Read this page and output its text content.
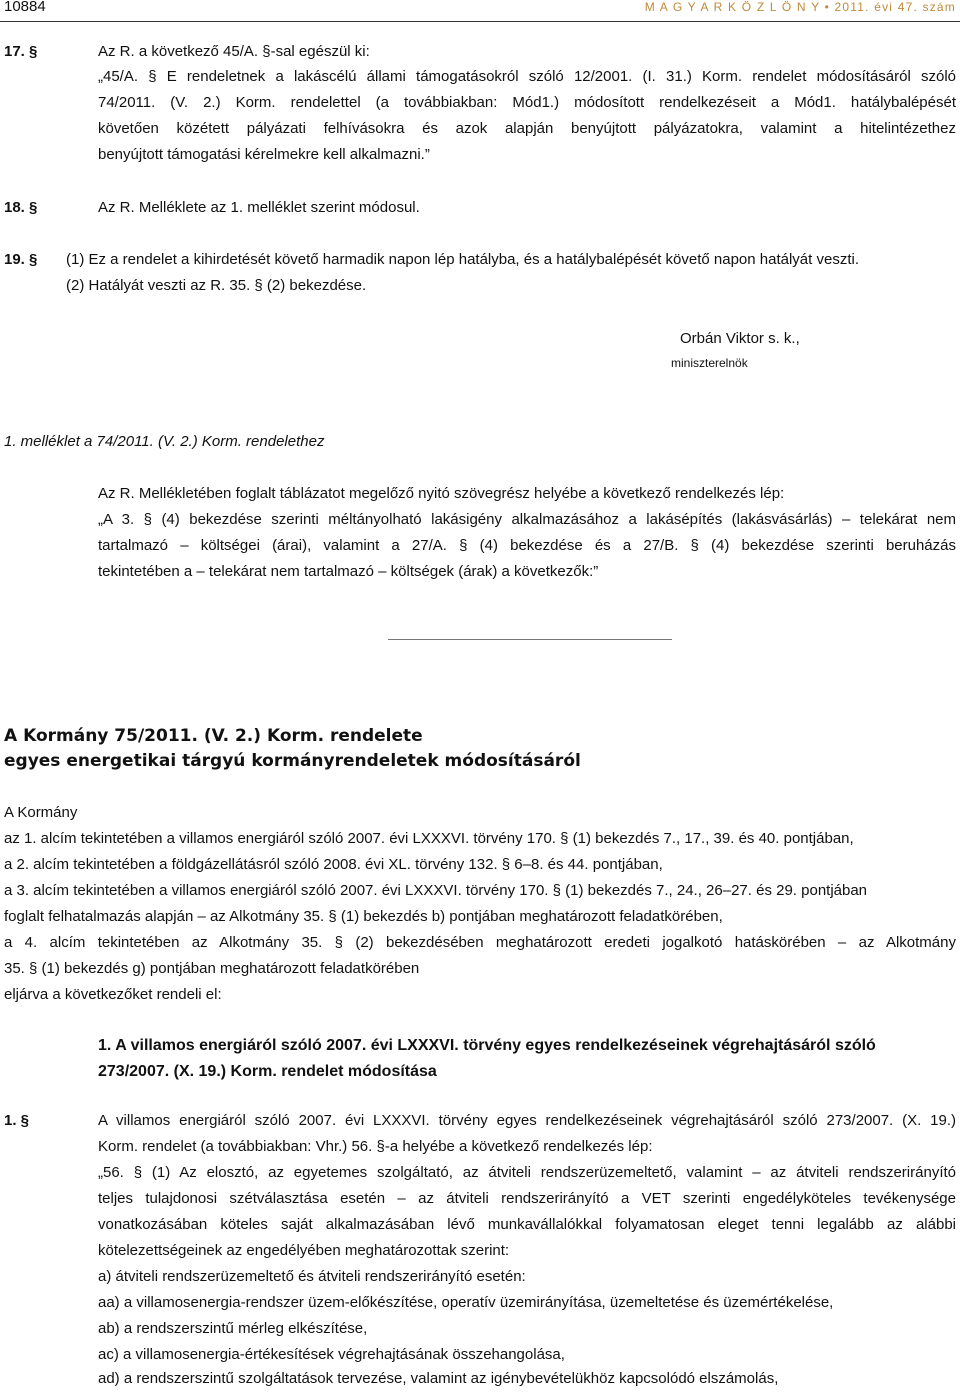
10884	M A G Y A R K Ö Z L Ö N Y • 2011. évi 47. szám
17. §	Az R. a következő 45/A. §-sal egészül ki:
„45/A. § E rendeletnek a lakáscélú állami támogatásokról szóló 12/2001. (I. 31.) Korm. rendelet módosításáról szóló
74/2011. (V. 2.) Korm. rendelettel (a továbbiakban: Mód1.) módosított rendelkezéseit a Mód1. hatálybalépését
követően közétett pályázati felhívásokra és azok alapján benyújtott pályázatokra, valamint a hitelintézethez
benyújtott támogatási kérelmekre kell alkalmazni.”
18. §	Az R. Melléklete az 1. melléklet szerint módosul.
19. § (1) Ez a rendelet a kihirdetését követő harmadik napon lép hatályba, és a hatálybalépését követő napon hatályát veszti.
(2) Hatályát veszti az R. 35. § (2) bekezdése.
Orbán Viktor s. k.,
miniszterelnök
1. melléklet a 74/2011. (V. 2.) Korm. rendelethez
Az R. Mellékletében foglalt táblázatot megelőző nyitó szövegrész helyébe a következő rendelkezés lép:
„A 3. § (4) bekezdése szerinti méltányolható lakásigény alkalmazásához a lakásépítés (lakásvásárlás) – telekárat nem
tartalmazó – költségei (árai), valamint a 27/A. § (4) bekezdése és a 27/B. § (4) bekezdése szerinti beruházás
tekintetében a – telekárat nem tartalmazó – költségek (árak) a következők:”
A Kormány 75/2011. (V. 2.) Korm. rendelete
egyes energetikai tárgyú kormányrendeletek módosításáról
A Kormány
az 1. alcím tekintetében a villamos energiáról szóló 2007. évi LXXXVI. törvény 170. § (1) bekezdés 7., 17., 39. és 40. pontjában,
a 2. alcím tekintetében a földgázellátásról szóló 2008. évi XL. törvény 132. § 6–8. és 44. pontjában,
a 3. alcím tekintetében a villamos energiáról szóló 2007. évi LXXXVI. törvény 170. § (1) bekezdés 7., 24., 26–27. és 29. pontjában
foglalt felhatalmazás alapján – az Alkotmány 35. § (1) bekezdés b) pontjában meghatározott feladatkörében,
a 4. alcím tekintetében az Alkotmány 35. § (2) bekezdésében meghatározott eredeti jogalkotó hatáskörében – az Alkotmány
35. § (1) bekezdés g) pontjában meghatározott feladatkörében
eljárva a következőket rendeli el:
1. A villamos energiáról szóló 2007. évi LXXXVI. törvény egyes rendelkezéseinek végrehajtásáról szóló
273/2007. (X. 19.) Korm. rendelet módosítása
1. §	A villamos energiáról szóló 2007. évi LXXXVI. törvény egyes rendelkezéseinek végrehajtásáról szóló 273/2007. (X. 19.)
Korm. rendelet (a továbbiakban: Vhr.) 56. §-a helyébe a következő rendelkezés lép:
„56. § (1) Az elosztó, az egyetemes szolgáltató, az átviteli rendszerüzemeltető, valamint – az átviteli rendszerirányító
teljes tulajdonosi szétválasztása esetén – az átviteli rendszerirányító a VET szerinti engedélyköteles tevékenysége
vonatkozásában köteles saját alkalmazásában lévő munkavállalókkal folyamatosan eleget tenni legalább az alábbi
kötelezettségeinek az engedélyében meghatározottak szerint:
a) átviteli rendszerüzemeltető és átviteli rendszerirányító esetén:
aa) a villamosenergia-rendszer üzem-előkészítése, operatív üzemirányítása, üzemeltetése és üzemértékelése,
ab) a rendszerszintű mérleg elkészítése,
ac) a villamosenergia-értékesítések végrehajtásának összehangolása,
ad) a rendszerszintű szolgáltatások tervezése, valamint az igénybevételükhöz kapcsolódó elszámolás,
